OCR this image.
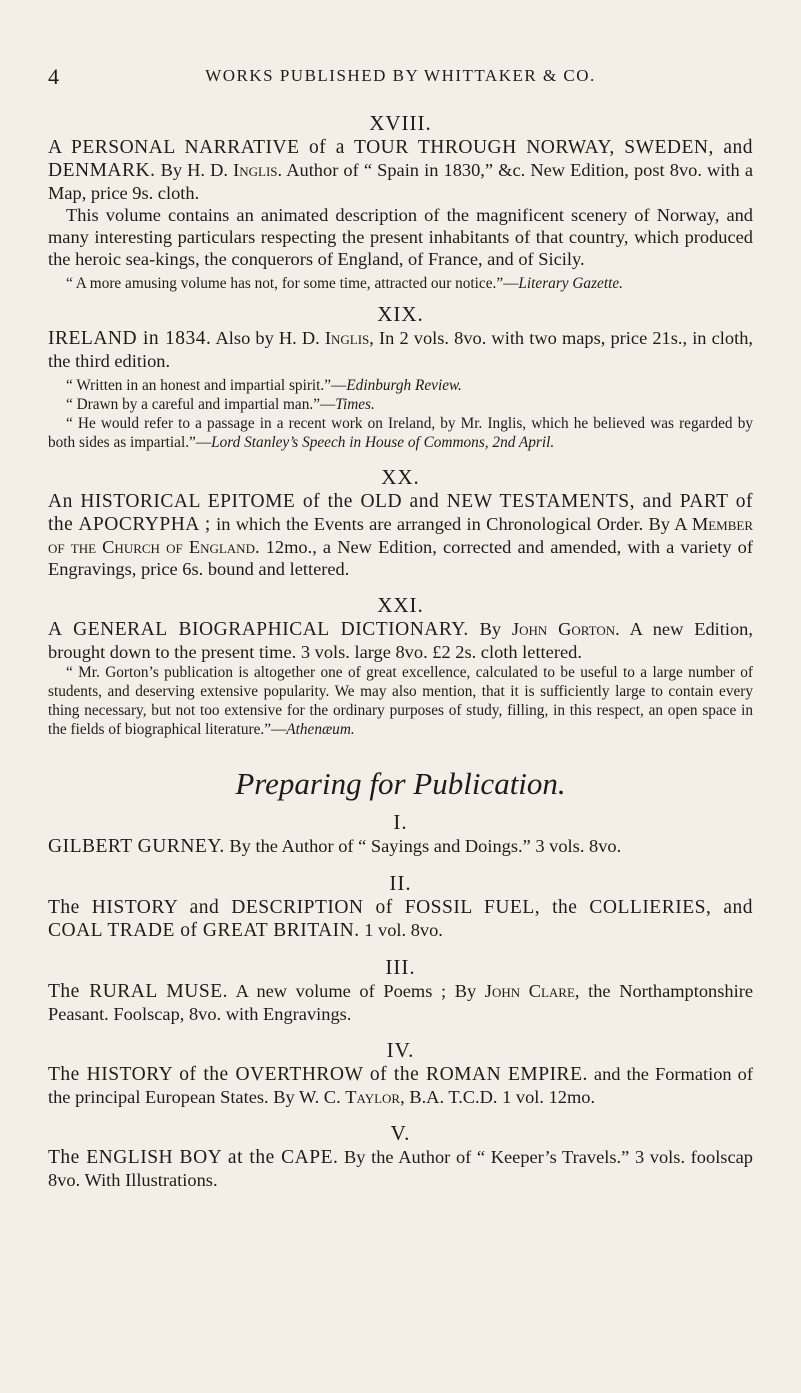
4	WORKS PUBLISHED BY WHITTAKER & CO.
XVIII.

A PERSONAL NARRATIVE of a TOUR THROUGH NORWAY, SWEDEN, and DENMARK. By H. D. Inglis. Author of “ Spain in 1830,” &c. New Edition, post 8vo. with a Map, price 9s. cloth.

This volume contains an animated description of the magnificent scenery of Norway, and many interesting particulars respecting the present inhabitants of that country, which produced the heroic sea-kings, the conquerors of England, of France, and of Sicily.

“ A more amusing volume has not, for some time, attracted our notice.”—Literary Gazette.

XIX.

IRELAND in 1834. Also by H. D. Inglis, In 2 vols. 8vo. with two maps, price 21s., in cloth, the third edition.

“ Written in an honest and impartial spirit.”—Edinburgh Review.

“ Drawn by a careful and impartial man.”—Times.

“ He would refer to a passage in a recent work on Ireland, by Mr. Inglis, which he believed was regarded by both sides as impartial.”—Lord Stanley’s Speech in House of Commons, 2nd April.

XX.

An HISTORICAL EPITOME of the OLD and NEW TESTAMENTS, and PART of the APOCRYPHA ; in which the Events are arranged in Chronological Order. By A Member of the Church of England. 12mo., a New Edition, corrected and amended, with a variety of Engravings, price 6s. bound and lettered.

XXI.

A GENERAL BIOGRAPHICAL DICTIONARY. By John Gorton. A new Edition, brought down to the present time. 3 vols. large 8vo. £2 2s. cloth lettered.

“ Mr. Gorton’s publication is altogether one of great excellence, calculated to be useful to a large number of students, and deserving extensive popularity. We may also mention, that it is sufficiently large to contain every thing necessary, but not too extensive for the ordinary purposes of study, filling, in this respect, an open space in the fields of biographical literature.”—Athenæum.

Preparing for Publication.
I.

GILBERT GURNEY. By the Author of “ Sayings and Doings.” 3 vols. 8vo.

II.

The HISTORY and DESCRIPTION of FOSSIL FUEL, the COLLIERIES, and COAL TRADE of GREAT BRITAIN. 1 vol. 8vo.

III.

The RURAL MUSE. A new volume of Poems ; By John Clare, the Northamptonshire Peasant. Foolscap, 8vo. with Engravings.

IV.

The HISTORY of the OVERTHROW of the ROMAN EMPIRE. and the Formation of the principal European States. By W. C. Taylor, B.A. T.C.D. 1 vol. 12mo.

V.

The ENGLISH BOY at the CAPE. By the Author of “ Keeper’s Travels.” 3 vols. foolscap 8vo. With Illustrations.
